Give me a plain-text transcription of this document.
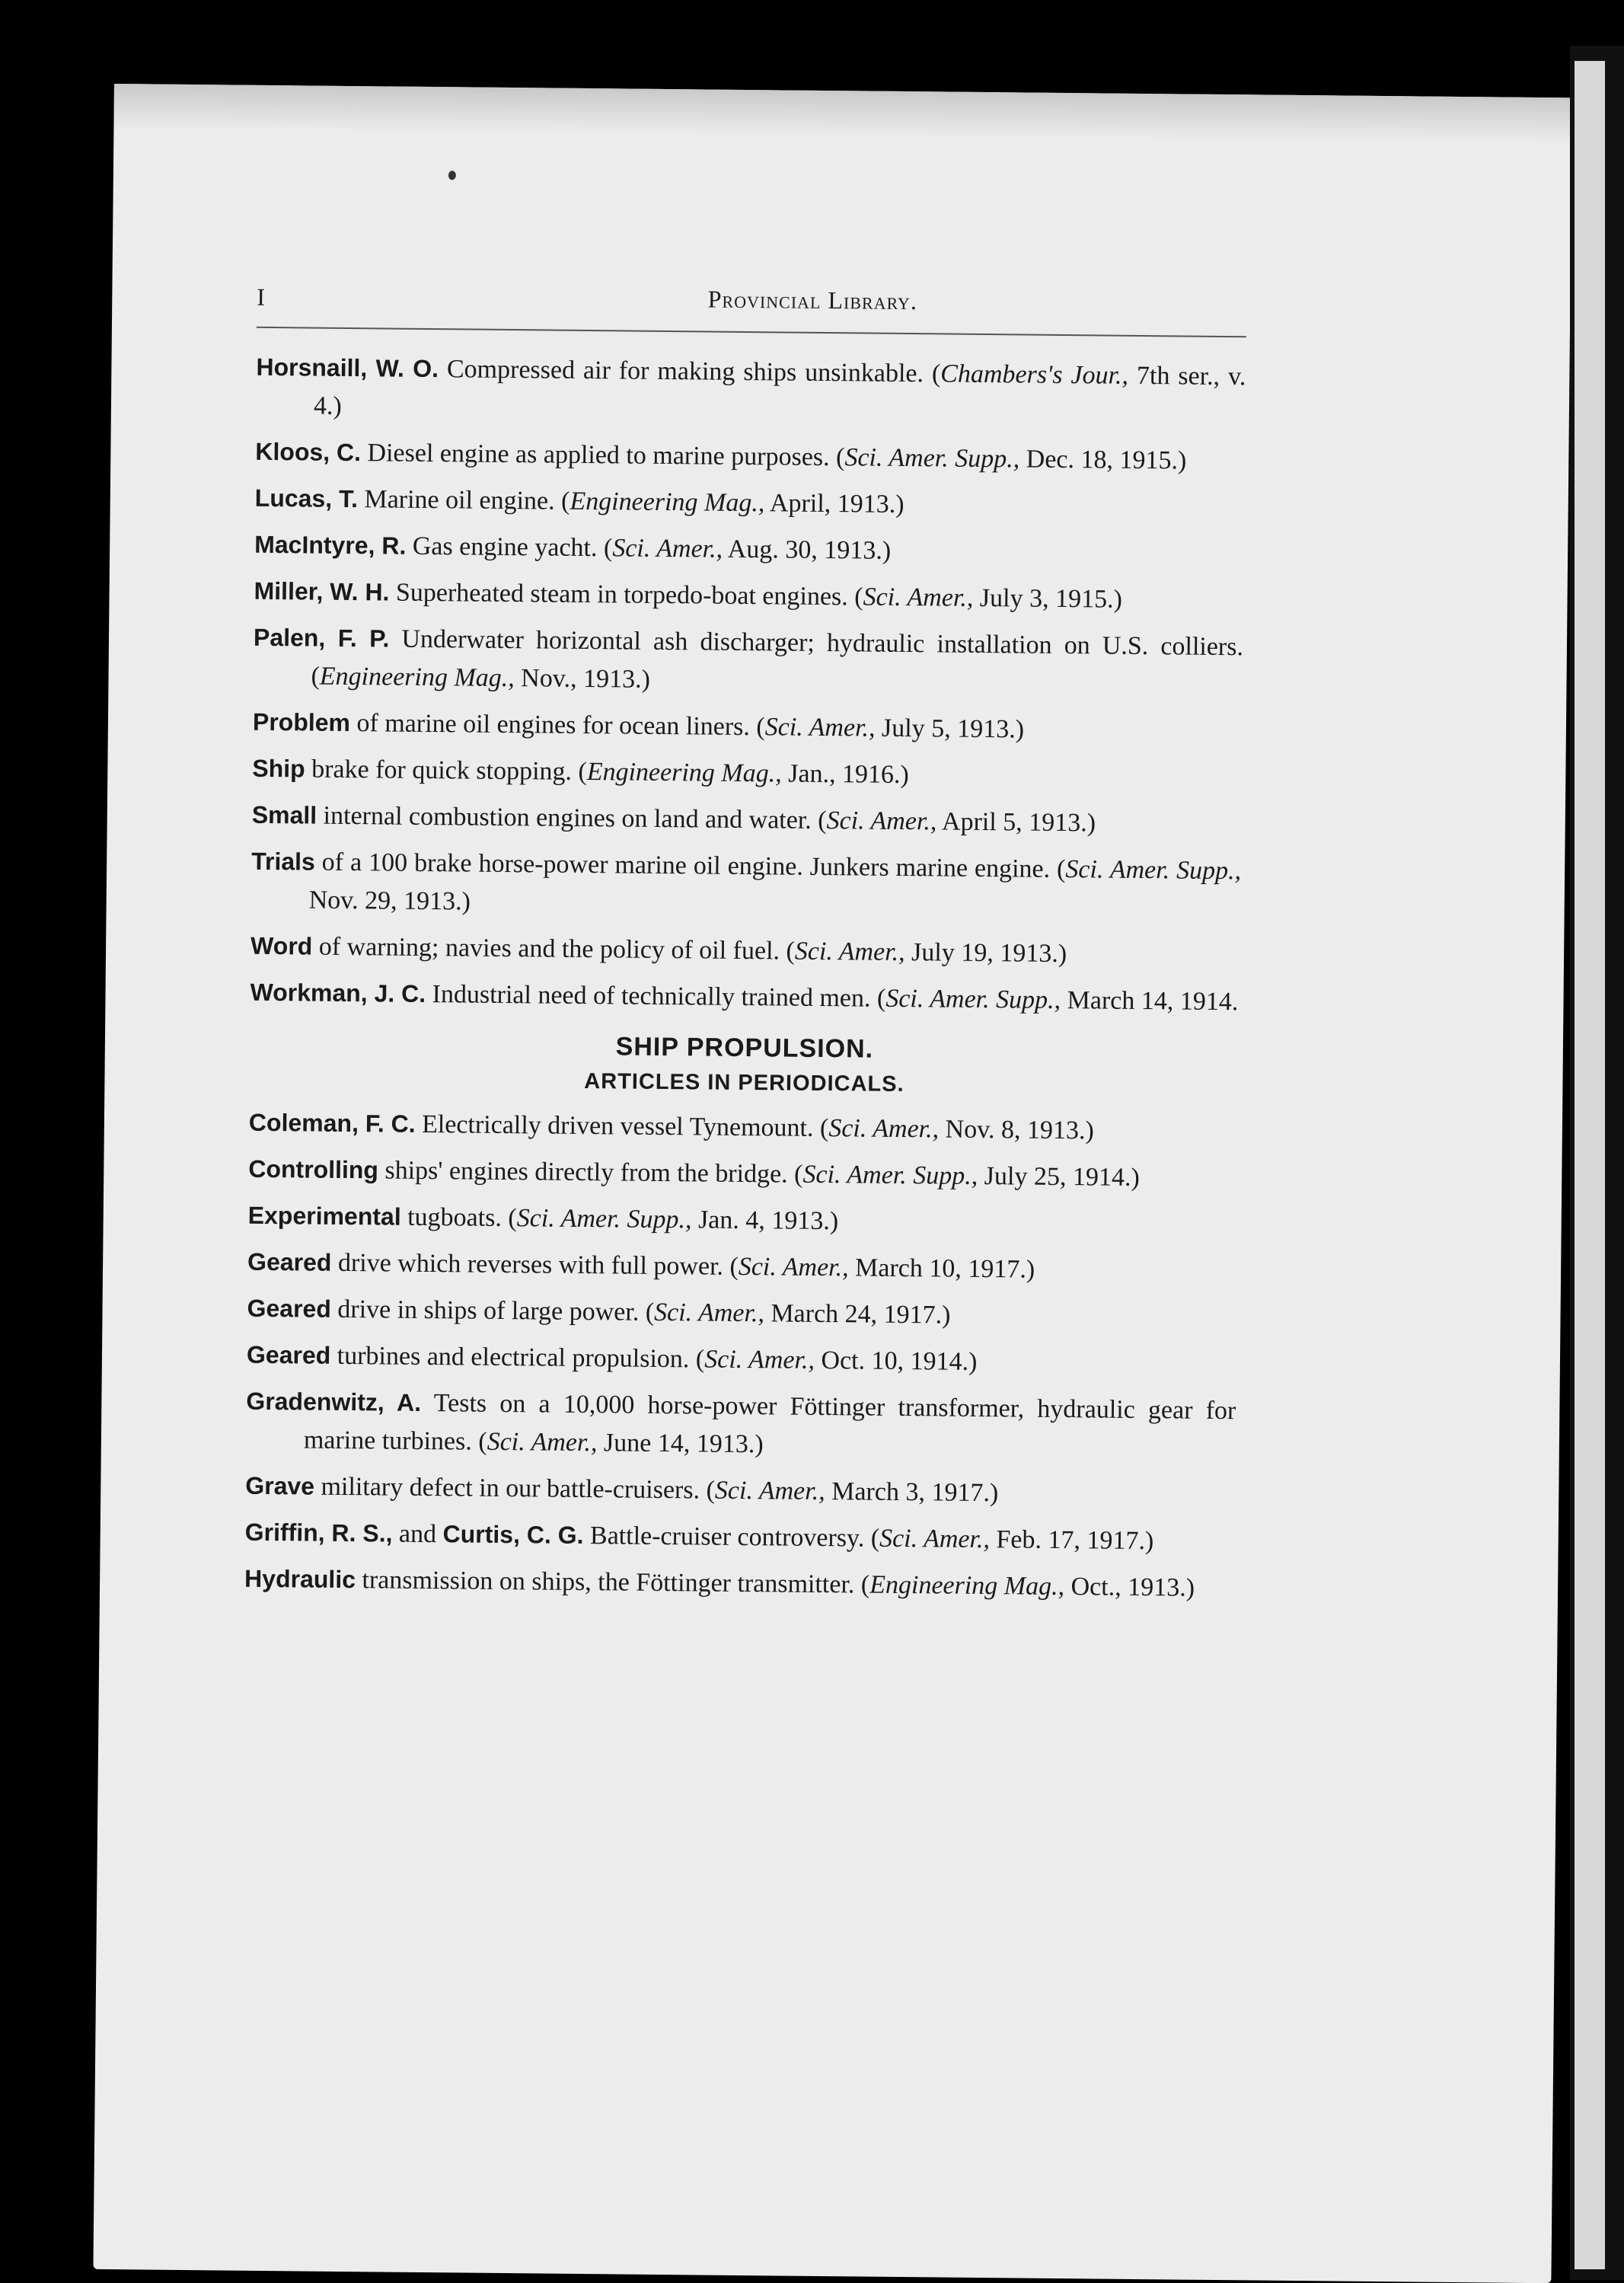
I	Provincial Library.
Horsnaill, W. O. Compressed air for making ships unsinkable. (Chambers's Jour., 7th ser., v. 4.)
Kloos, C. Diesel engine as applied to marine purposes. (Sci. Amer. Supp., Dec. 18, 1915.)
Lucas, T. Marine oil engine. (Engineering Mag., April, 1913.)
MacIntyre, R. Gas engine yacht. (Sci. Amer., Aug. 30, 1913.)
Miller, W. H. Superheated steam in torpedo-boat engines. (Sci. Amer., July 3, 1915.)
Palen, F. P. Underwater horizontal ash discharger; hydraulic installation on U.S. colliers. (Engineering Mag., Nov., 1913.)
Problem of marine oil engines for ocean liners. (Sci. Amer., July 5, 1913.)
Ship brake for quick stopping. (Engineering Mag., Jan., 1916.)
Small internal combustion engines on land and water. (Sci. Amer., April 5, 1913.)
Trials of a 100 brake horse-power marine oil engine. Junkers marine engine. (Sci. Amer. Supp., Nov. 29, 1913.)
Word of warning; navies and the policy of oil fuel. (Sci. Amer., July 19, 1913.)
Workman, J. C. Industrial need of technically trained men. (Sci. Amer. Supp., March 14, 1914.
SHIP PROPULSION.
ARTICLES IN PERIODICALS.
Coleman, F. C. Electrically driven vessel Tynemount. (Sci. Amer., Nov. 8, 1913.)
Controlling ships' engines directly from the bridge. (Sci. Amer. Supp., July 25, 1914.)
Experimental tugboats. (Sci. Amer. Supp., Jan. 4, 1913.)
Geared drive which reverses with full power. (Sci. Amer., March 10, 1917.)
Geared drive in ships of large power. (Sci. Amer., March 24, 1917.)
Geared turbines and electrical propulsion. (Sci. Amer., Oct. 10, 1914.)
Gradenwitz, A. Tests on a 10,000 horse-power Föttinger transformer, hydraulic gear for marine turbines. (Sci. Amer., June 14, 1913.)
Grave military defect in our battle-cruisers. (Sci. Amer., March 3, 1917.)
Griffin, R. S., and Curtis, C. G. Battle-cruiser controversy. (Sci. Amer., Feb. 17, 1917.)
Hydraulic transmission on ships, the Föttinger transmitter. (Engineering Mag., Oct., 1913.)
